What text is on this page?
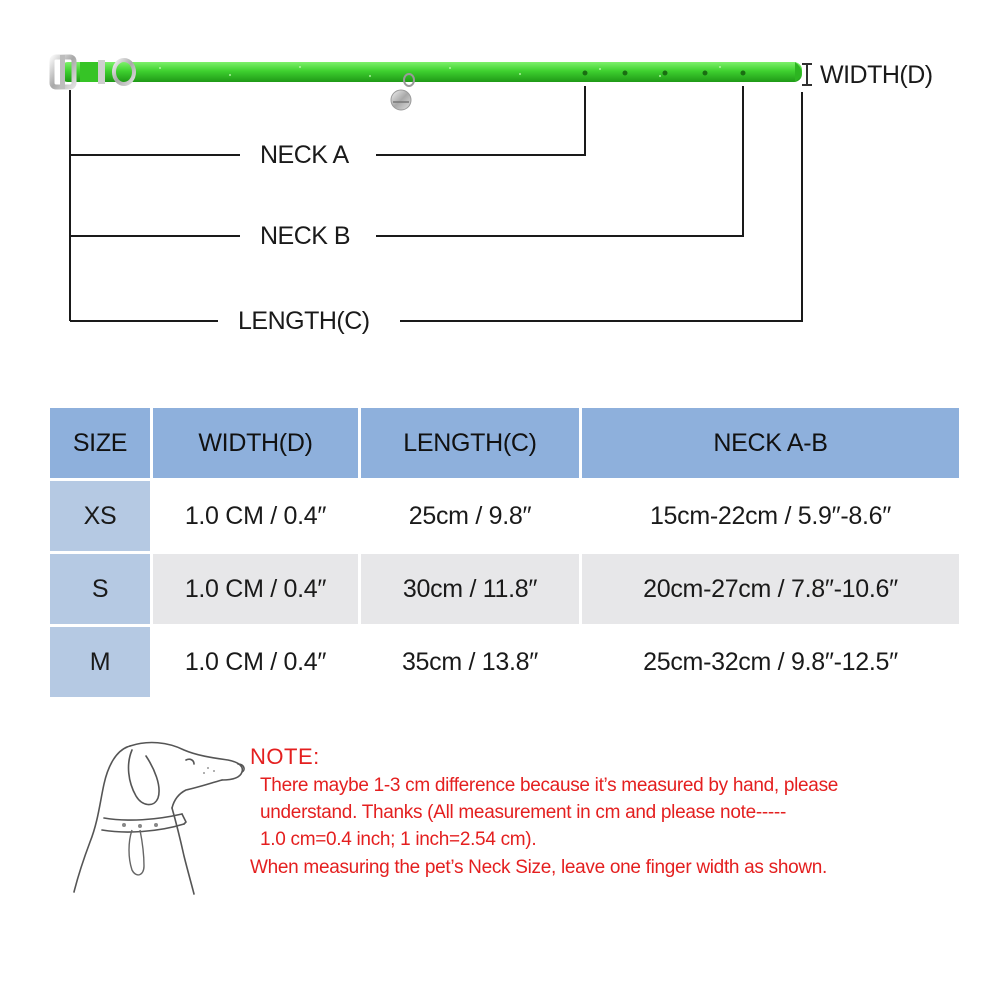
WIDTH(D)
NECK A
NECK B
LENGTH(C)
SIZE	WIDTH(D)	LENGTH(C)	NECK A-B
XS	1.0 CM / 0.4′′	25cm / 9.8′′	15cm-22cm / 5.9′′-8.6′′
S	1.0 CM / 0.4′′	30cm / 11.8′′	20cm-27cm / 7.8′′-10.6′′
M	1.0 CM / 0.4′′	35cm / 13.8′′	25cm-32cm / 9.8′′-12.5′′
NOTE:
There maybe 1-3 cm difference because it’s measured by hand, please
understand. Thanks (All measurement in cm and please note-----
1.0 cm=0.4 inch; 1 inch=2.54 cm).
When measuring the pet’s Neck Size, leave one finger width as shown.
